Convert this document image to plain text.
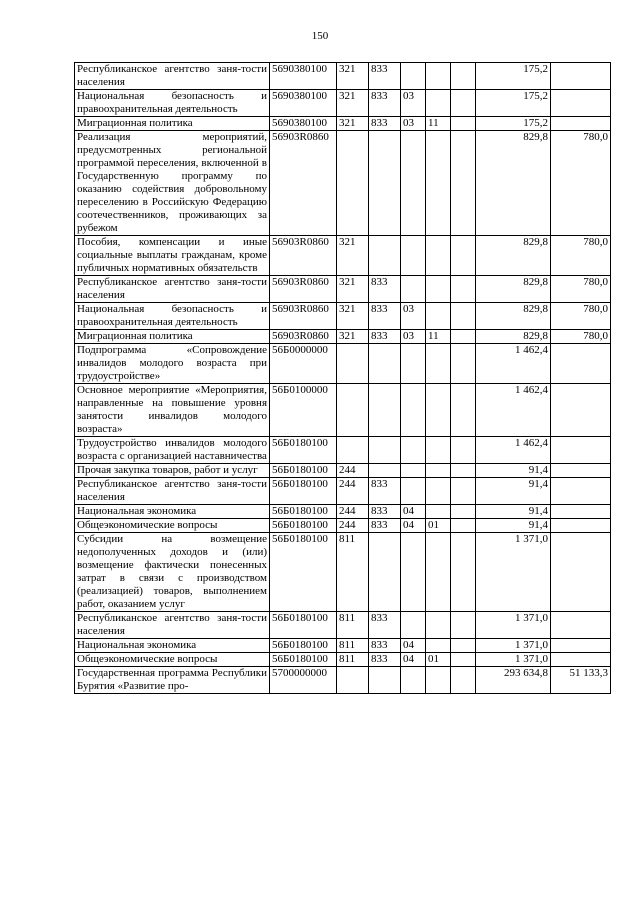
150
Республиканское агентство заня-тости населения	5690380100	321	833				175,2	
Национальная безопасность и правоохранительная деятельность	5690380100	321	833	03			175,2	
Миграционная политика	5690380100	321	833	03	11		175,2	
Реализация мероприятий, предусмотренных региональной программой переселения, включенной в Государственную программу по оказанию содействия добровольному переселению в Российскую Федерацию соотечественников, проживающих за рубежом	56903R0860						829,8	780,0
Пособия, компенсации и иные социальные выплаты гражданам, кроме публичных нормативных обязательств	56903R0860	321					829,8	780,0
Республиканское агентство заня-тости населения	56903R0860	321	833				829,8	780,0
Национальная безопасность и правоохранительная деятельность	56903R0860	321	833	03			829,8	780,0
Миграционная политика	56903R0860	321	833	03	11		829,8	780,0
Подпрограмма «Сопровождение инвалидов молодого возраста при трудоустройстве»	56Б0000000						1 462,4	
Основное мероприятие «Мероприятия, направленные на повышение уровня занятости инвалидов молодого возраста»	56Б0100000						1 462,4	
Трудоустройство инвалидов молодого возраста с организацией наставничества	56Б0180100						1 462,4	
Прочая закупка товаров, работ и услуг	56Б0180100	244					91,4	
Республиканское агентство заня-тости населения	56Б0180100	244	833				91,4	
Национальная экономика	56Б0180100	244	833	04			91,4	
Общеэкономические вопросы	56Б0180100	244	833	04	01		91,4	
Субсидии на возмещение недополученных доходов и (или) возмещение фактически понесенных затрат в связи с производством (реализацией) товаров, выполнением работ, оказанием услуг	56Б0180100	811					1 371,0	
Республиканское агентство заня-тости населения	56Б0180100	811	833				1 371,0	
Национальная экономика	56Б0180100	811	833	04			1 371,0	
Общеэкономические вопросы	56Б0180100	811	833	04	01		1 371,0	
Государственная программа Республики Бурятия «Развитие про-	5700000000						293 634,8	51 133,3
